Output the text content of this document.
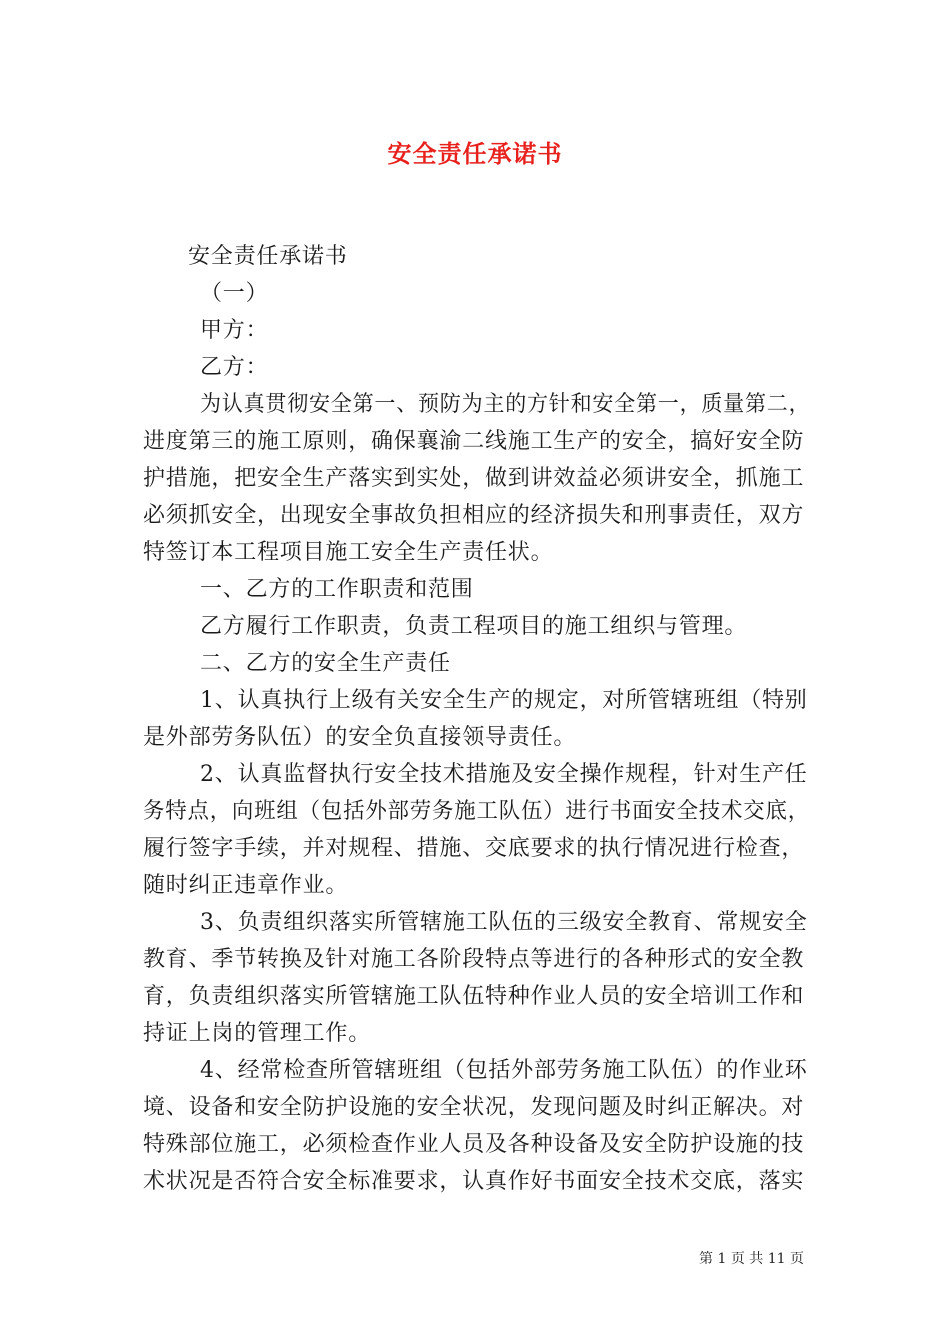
安全责任承诺书
安全责任承诺书
（一）
甲方：
乙方：
为认真贯彻安全第一、预防为主的方针和安全第一，质量第二，
进度第三的施工原则，确保襄渝二线施工生产的安全，搞好安全防
护措施，把安全生产落实到实处，做到讲效益必须讲安全，抓施工
必须抓安全，出现安全事故负担相应的经济损失和刑事责任，双方
特签订本工程项目施工安全生产责任状。
一、乙方的工作职责和范围
乙方履行工作职责，负责工程项目的施工组织与管理。
二、乙方的安全生产责任
1、认真执行上级有关安全生产的规定，对所管辖班组（特别
是外部劳务队伍）的安全负直接领导责任。
2、认真监督执行安全技术措施及安全操作规程，针对生产任
务特点，向班组（包括外部劳务施工队伍）进行书面安全技术交底，
履行签字手续，并对规程、措施、交底要求的执行情况进行检查，
随时纠正违章作业。
3、负责组织落实所管辖施工队伍的三级安全教育、常规安全
教育、季节转换及针对施工各阶段特点等进行的各种形式的安全教
育，负责组织落实所管辖施工队伍特种作业人员的安全培训工作和
持证上岗的管理工作。
4、经常检查所管辖班组（包括外部劳务施工队伍）的作业环
境、设备和安全防护设施的安全状况，发现问题及时纠正解决。对
特殊部位施工，必须检查作业人员及各种设备及安全防护设施的技
术状况是否符合安全标准要求，认真作好书面安全技术交底，落实
第 1 页 共 11 页
